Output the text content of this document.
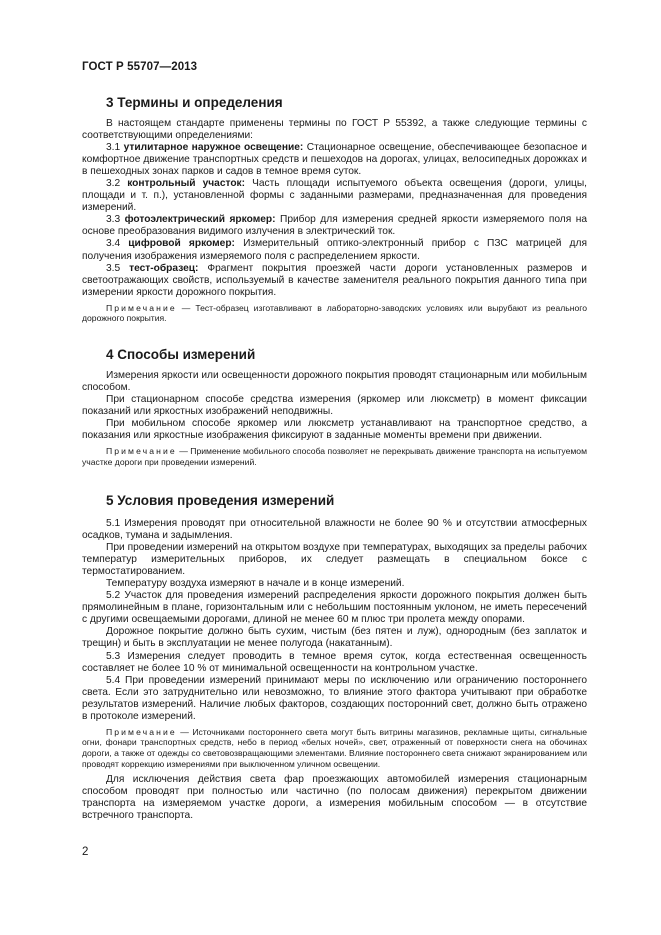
ГОСТ Р 55707—2013
3 Термины и определения

В настоящем стандарте применены термины по ГОСТ Р 55392, а также следующие термины с соответствующими определениями:

3.1 утилитарное наружное освещение: Стационарное освещение, обеспечивающее безопасное и комфортное движение транспортных средств и пешеходов на дорогах, улицах, велосипедных дорожках и в пешеходных зонах парков и садов в темное время суток.

3.2 контрольный участок: Часть площади испытуемого объекта освещения (дороги, улицы, площади и т. п.), установленной формы с заданными размерами, предназначенная для проведения измерений.

3.3 фотоэлектрический яркомер: Прибор для измерения средней яркости измеряемого поля на основе преобразования видимого излучения в электрический ток.

3.4 цифровой яркомер: Измерительный оптико-электронный прибор с ПЗС матрицей для получения изображения измеряемого поля с распределением яркости.

3.5 тест-образец: Фрагмент покрытия проезжей части дороги установленных размеров и светоотражающих свойств, используемый в качестве заменителя реального покрытия данного типа при измерении яркости дорожного покрытия.

Примечание — Тест-образец изготавливают в лабораторно-заводских условиях или вырубают из реального дорожного покрытия.

4 Способы измерений

Измерения яркости или освещенности дорожного покрытия проводят стационарным или мобильным способом.

При стационарном способе средства измерения (яркомер или люксметр) в момент фиксации показаний или яркостных изображений неподвижны.

При мобильном способе яркомер или люксметр устанавливают на транспортное средство, а показания или яркостные изображения фиксируют в заданные моменты времени при движении.

Примечание — Применение мобильного способа позволяет не перекрывать движение транспорта на испытуемом участке дороги при проведении измерений.

5 Условия проведения измерений

5.1 Измерения проводят при относительной влажности не более 90 % и отсутствии атмосферных осадков, тумана и задымления.

При проведении измерений на открытом воздухе при температурах, выходящих за пределы рабочих температур измерительных приборов, их следует размещать в специальном боксе с термостатированием.

Температуру воздуха измеряют в начале и в конце измерений.

5.2 Участок для проведения измерений распределения яркости дорожного покрытия должен быть прямолинейным в плане, горизонтальным или с небольшим постоянным уклоном, не иметь пересечений с другими освещаемыми дорогами, длиной не менее 60 м плюс три пролета между опорами.

Дорожное покрытие должно быть сухим, чистым (без пятен и луж), однородным (без заплаток и трещин) и быть в эксплуатации не менее полугода (накатанным).

5.3 Измерения следует проводить в темное время суток, когда естественная освещенность составляет не более 10 % от минимальной освещенности на контрольном участке.

5.4 При проведении измерений принимают меры по исключению или ограничению постороннего света. Если это затруднительно или невозможно, то влияние этого фактора учитывают при обработке результатов измерений. Наличие любых факторов, создающих посторонний свет, должно быть отражено в протоколе измерений.

Примечание — Источниками постороннего света могут быть витрины магазинов, рекламные щиты, сигнальные огни, фонари транспортных средств, небо в период «белых ночей», свет, отраженный от поверхности снега на обочинах дороги, а также от одежды со световозвращающими элементами. Влияние постороннего света снижают экранированием или проводят коррекцию измерениями при выключенном уличном освещении.

Для исключения действия света фар проезжающих автомобилей измерения стационарным способом проводят при полностью или частично (по полосам движения) перекрытом движении транспорта на измеряемом участке дороги, а измерения мобильным способом — в отсутствие встречного транспорта.

2
